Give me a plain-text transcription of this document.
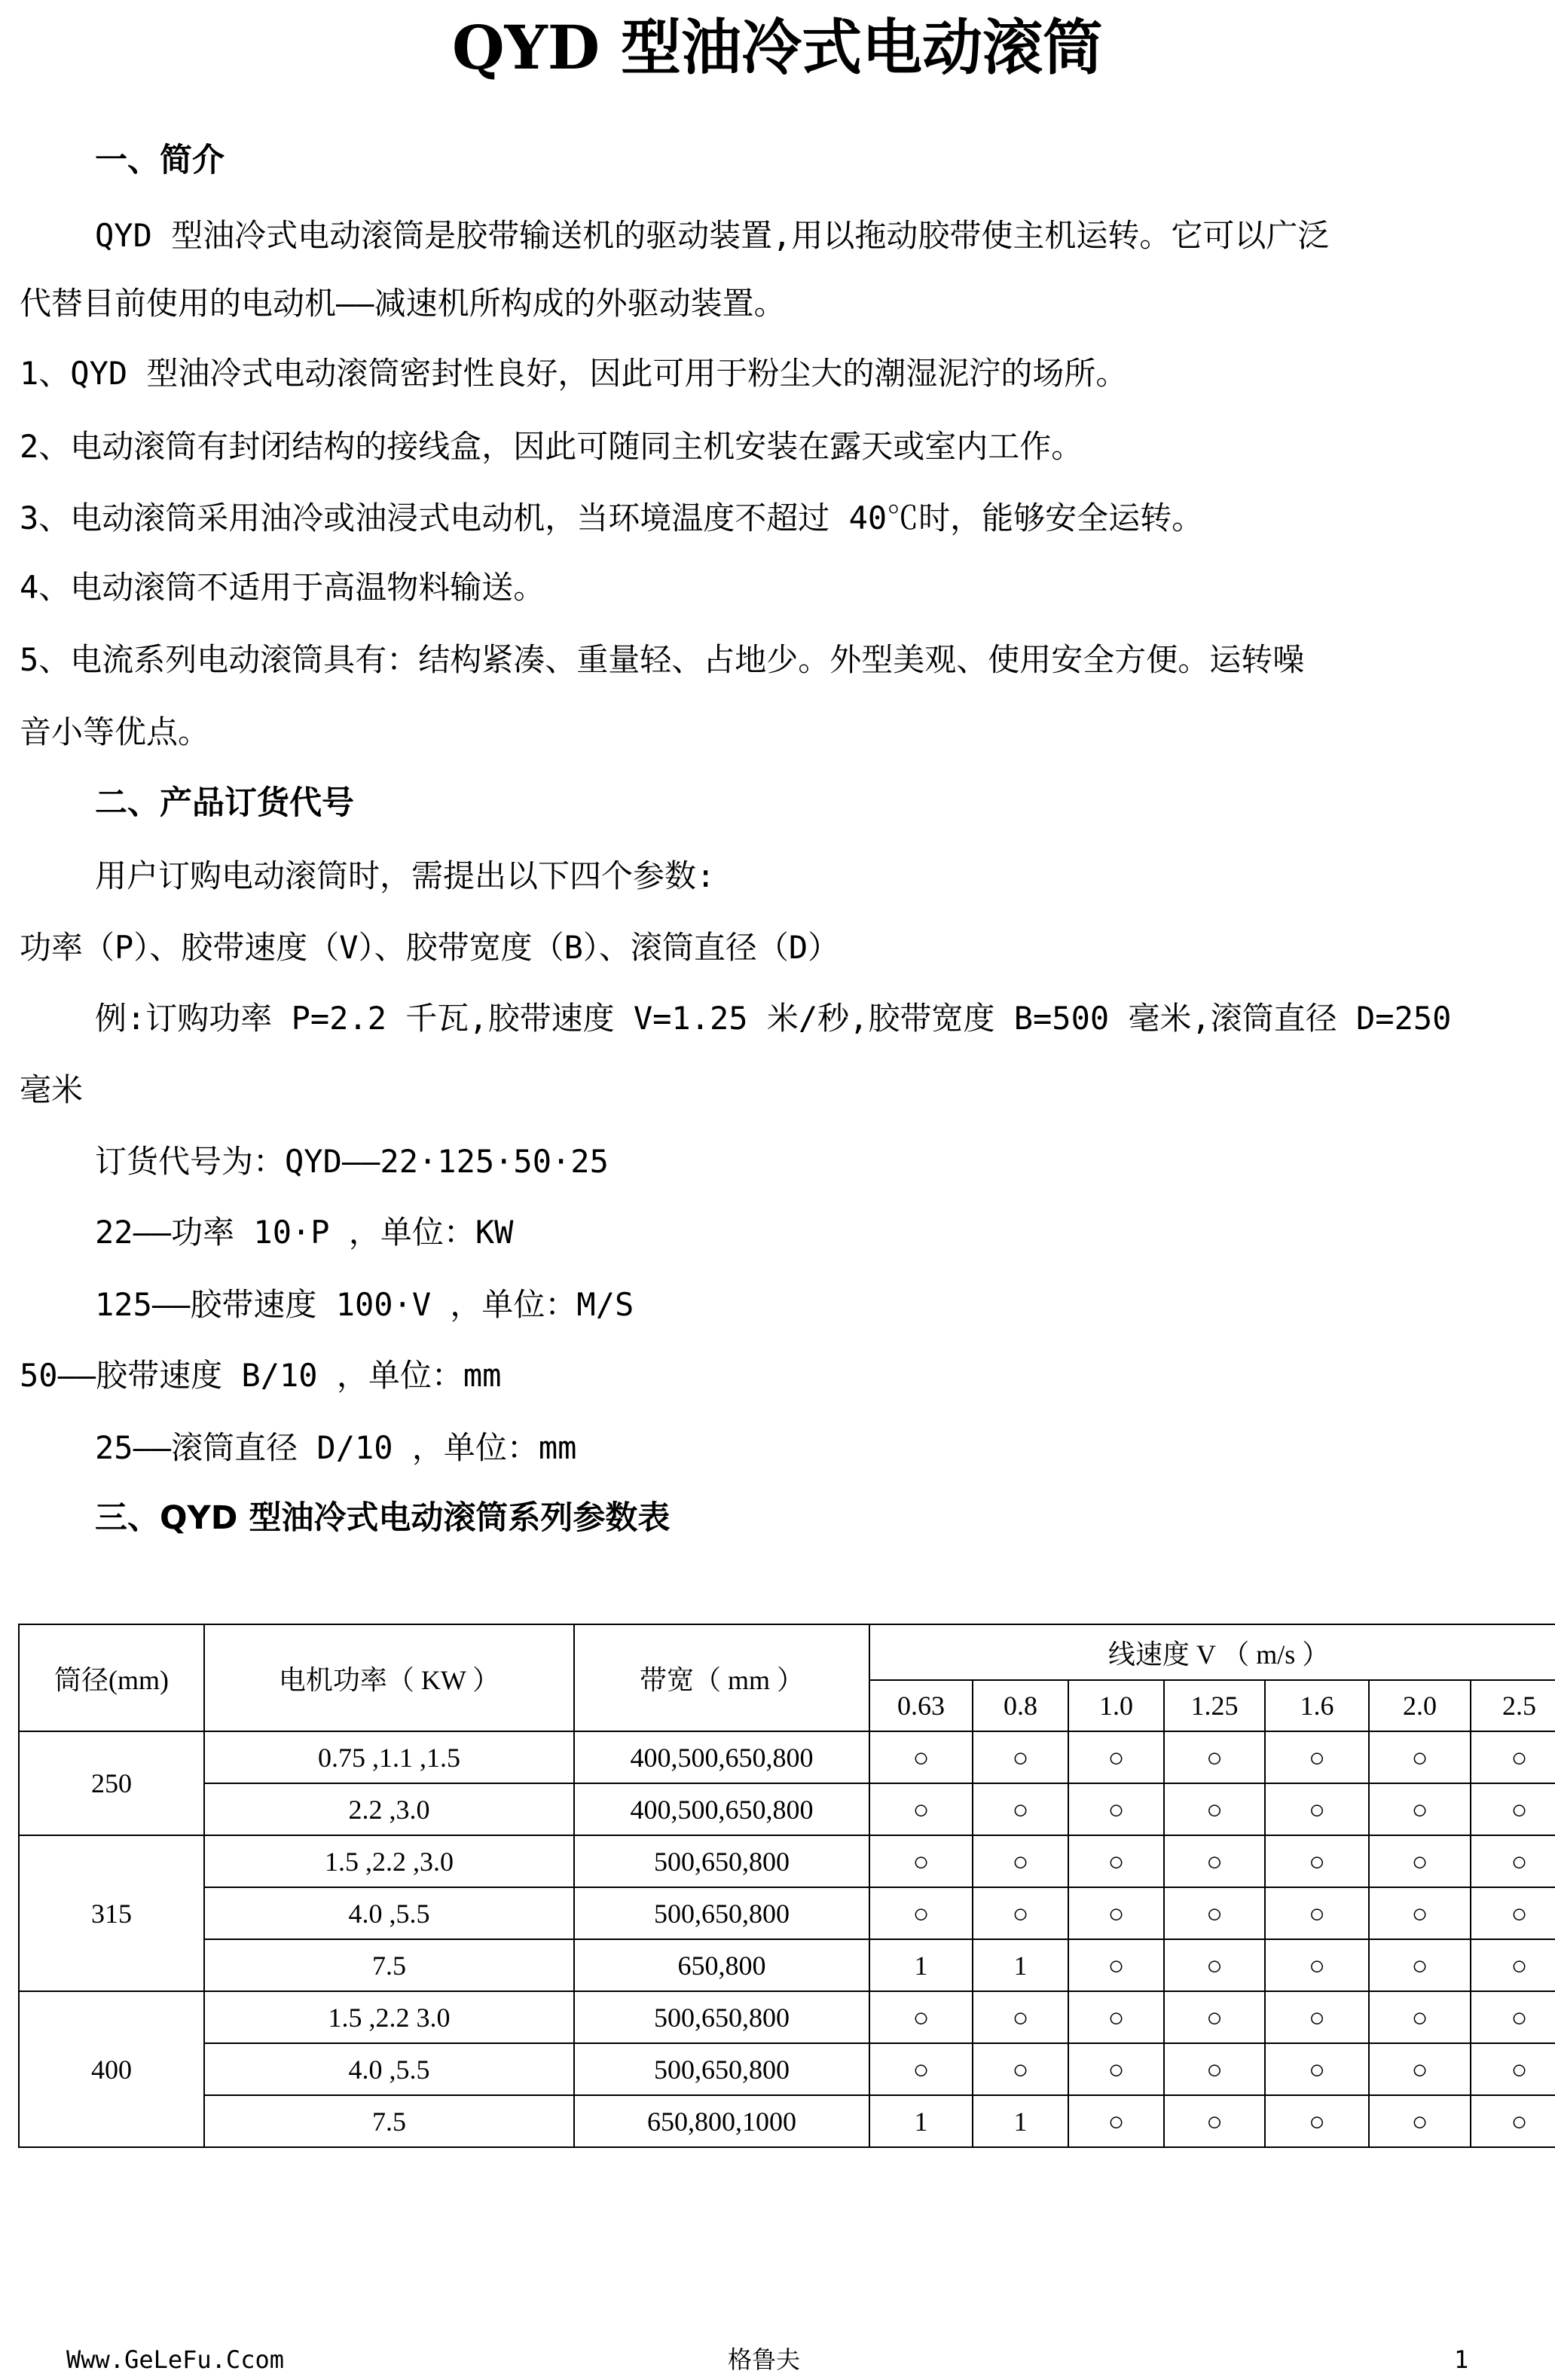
QYD 型油冷式电动滚筒
一、简介

QYD 型油冷式电动滚筒是胶带输送机的驱动装置,用以拖动胶带使主机运转。它可以广泛

代替目前使用的电动机——减速机所构成的外驱动装置。

1、QYD 型油冷式电动滚筒密封性良好，因此可用于粉尘大的潮湿泥泞的场所。

2、电动滚筒有封闭结构的接线盒，因此可随同主机安装在露天或室内工作。

3、电动滚筒采用油冷或油浸式电动机，当环境温度不超过 40℃时，能够安全运转。

4、电动滚筒不适用于高温物料输送。

5、电流系列电动滚筒具有：结构紧凑、重量轻、占地少。外型美观、使用安全方便。运转噪

音小等优点。

二、产品订货代号

用户订购电动滚筒时，需提出以下四个参数:

功率（P）、胶带速度（V）、胶带宽度（B）、滚筒直径（D）

例:订购功率 P=2.2 千瓦,胶带速度 V=1.25 米/秒,胶带宽度 B=500 毫米,滚筒直径 D=250

毫米

订货代号为：QYD——22·125·50·25

22——功率 10·P ，单位：KW

125——胶带速度 100·V ，单位：M/S

50——胶带速度 B/10 ，单位：mm

25——滚筒直径 D/10 ，单位：mm

三、QYD 型油冷式电动滚筒系列参数表
筒径(mm)	电机功率（ KW ）	带宽（ mm ）	线速度 V （ m/s ）						
			0.63	0.8	1.0	1.25	1.6	2.0	2.5
250	0.75 ,1.1 ,1.5	400,500,650,800	○	○	○	○	○	○	○
	2.2 ,3.0	400,500,650,800	○	○	○	○	○	○	○
315	1.5 ,2.2 ,3.0	500,650,800	○	○	○	○	○	○	○
	4.0 ,5.5	500,650,800	○	○	○	○	○	○	○
	7.5	650,800	1	1	○	○	○	○	○
400	1.5 ,2.2 3.0	500,650,800	○	○	○	○	○	○	○
	4.0 ,5.5	500,650,800	○	○	○	○	○	○	○
	7.5	650,800,1000	1	1	○	○	○	○	○

Www.GeLeFu.Ccom	格鲁夫	1
